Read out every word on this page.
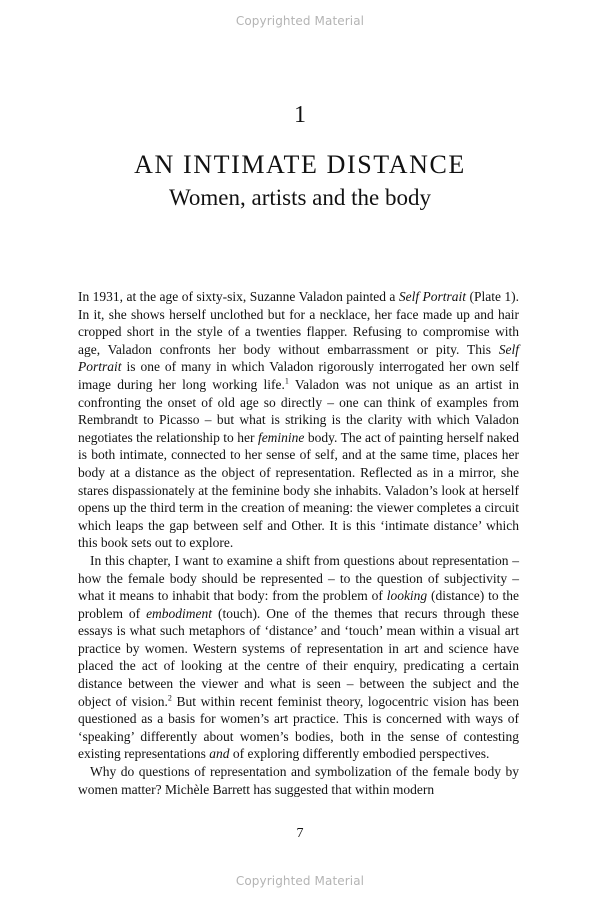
Copyrighted Material
1
AN INTIMATE DISTANCE
Women, artists and the body

In 1931, at the age of sixty-six, Suzanne Valadon painted a Self Portrait (Plate 1). In it, she shows herself unclothed but for a necklace, her face made up and hair cropped short in the style of a twenties flapper. Refusing to compromise with age, Valadon confronts her body without embarrassment or pity. This Self Portrait is one of many in which Valadon rigorously interrogated her own self image during her long working life.$^1$ Valadon was not unique as an artist in confronting the onset of old age so directly – one can think of examples from Rembrandt to Picasso – but what is striking is the clarity with which Valadon negotiates the relationship to her feminine body. The act of painting herself naked is both intimate, connected to her sense of self, and at the same time, places her body at a distance as the object of representation. Reflected as in a mirror, she stares dispassionately at the feminine body she inhabits. Valadon’s look at herself opens up the third term in the creation of meaning: the viewer completes a circuit which leaps the gap between self and Other. It is this ‘intimate distance’ which this book sets out to explore.

In this chapter, I want to examine a shift from questions about representation – how the female body should be represented – to the question of subjectivity – what it means to inhabit that body: from the problem of looking (distance) to the problem of embodiment (touch). One of the themes that recurs through these essays is what such metaphors of ‘distance’ and ‘touch’ mean within a visual art practice by women. Western systems of representation in art and science have placed the act of looking at the centre of their enquiry, predicating a certain distance between the viewer and what is seen – between the subject and the object of vision.$^2$ But within recent feminist theory, logocentric vision has been questioned as a basis for women’s art practice. This is concerned with ways of ‘speaking’ differently about women’s bodies, both in the sense of contesting existing representations and of exploring differently embodied perspectives.

Why do questions of representation and symbolization of the female body by women matter? Michèle Barrett has suggested that within modern

7
Copyrighted Material
